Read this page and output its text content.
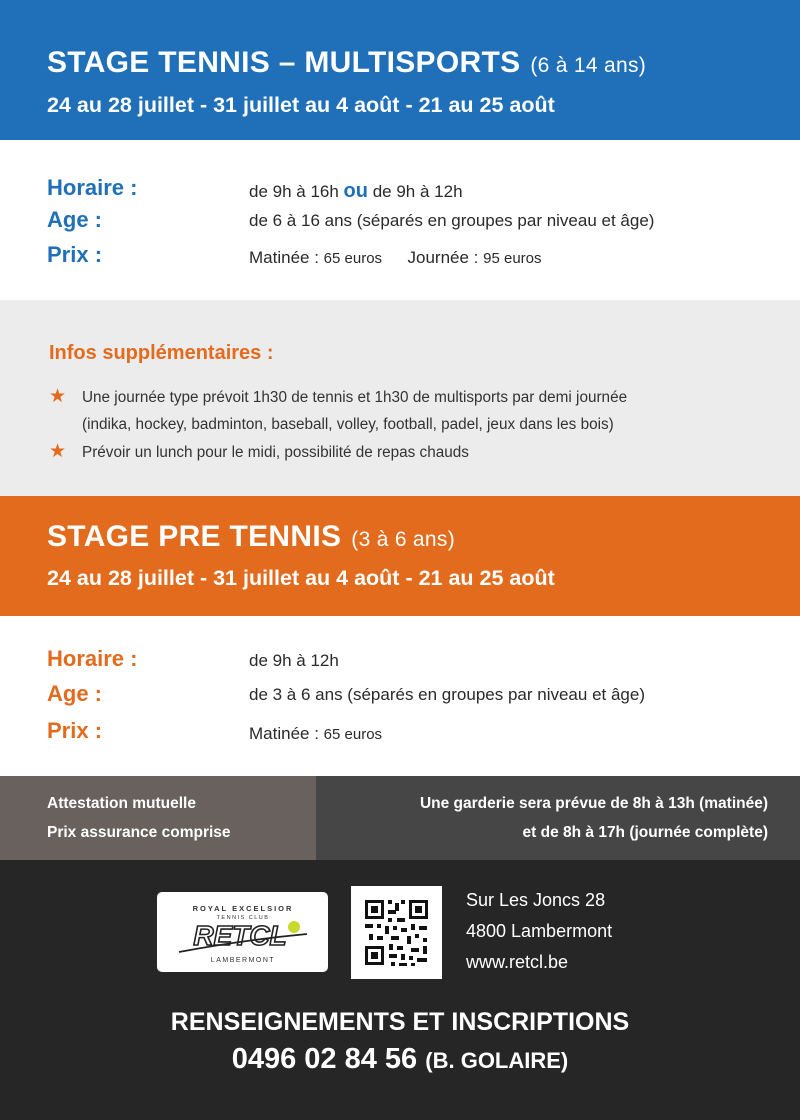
STAGE TENNIS – MULTISPORTS (6 à 14 ans)
24 au 28 juillet - 31 juillet au 4 août - 21 au 25 août
Horaire :	de 9h à 16h ou de 9h à 12h
Age :	de 6 à 16 ans (séparés en groupes par niveau et âge)
Prix :	Matinée : 65 euros Journée : 95 euros
Infos supplémentaires :
★ Une journée type prévoit 1h30 de tennis et 1h30 de multisports par demi journée
(indika, hockey, badminton, baseball, volley, football, padel, jeux dans les bois)
★ Prévoir un lunch pour le midi, possibilité de repas chauds
STAGE PRE TENNIS (3 à 6 ans)
24 au 28 juillet - 31 juillet au 4 août - 21 au 25 août
Horaire :	de 9h à 12h
Age :	de 3 à 6 ans (séparés en groupes par niveau et âge)
Prix :	Matinée : 65 euros
Attestation mutuelle
Prix assurance comprise
Une garderie sera prévue de 8h à 13h (matinée)
et de 8h à 17h (journée complète)
ROYAL EXCELSIOR
TENNIS CLUB
RETCL
LAMBERMONT
Sur Les Joncs 28
4800 Lambermont
www.retcl.be
RENSEIGNEMENTS ET INSCRIPTIONS
0496 02 84 56 (B. GOLAIRE)
